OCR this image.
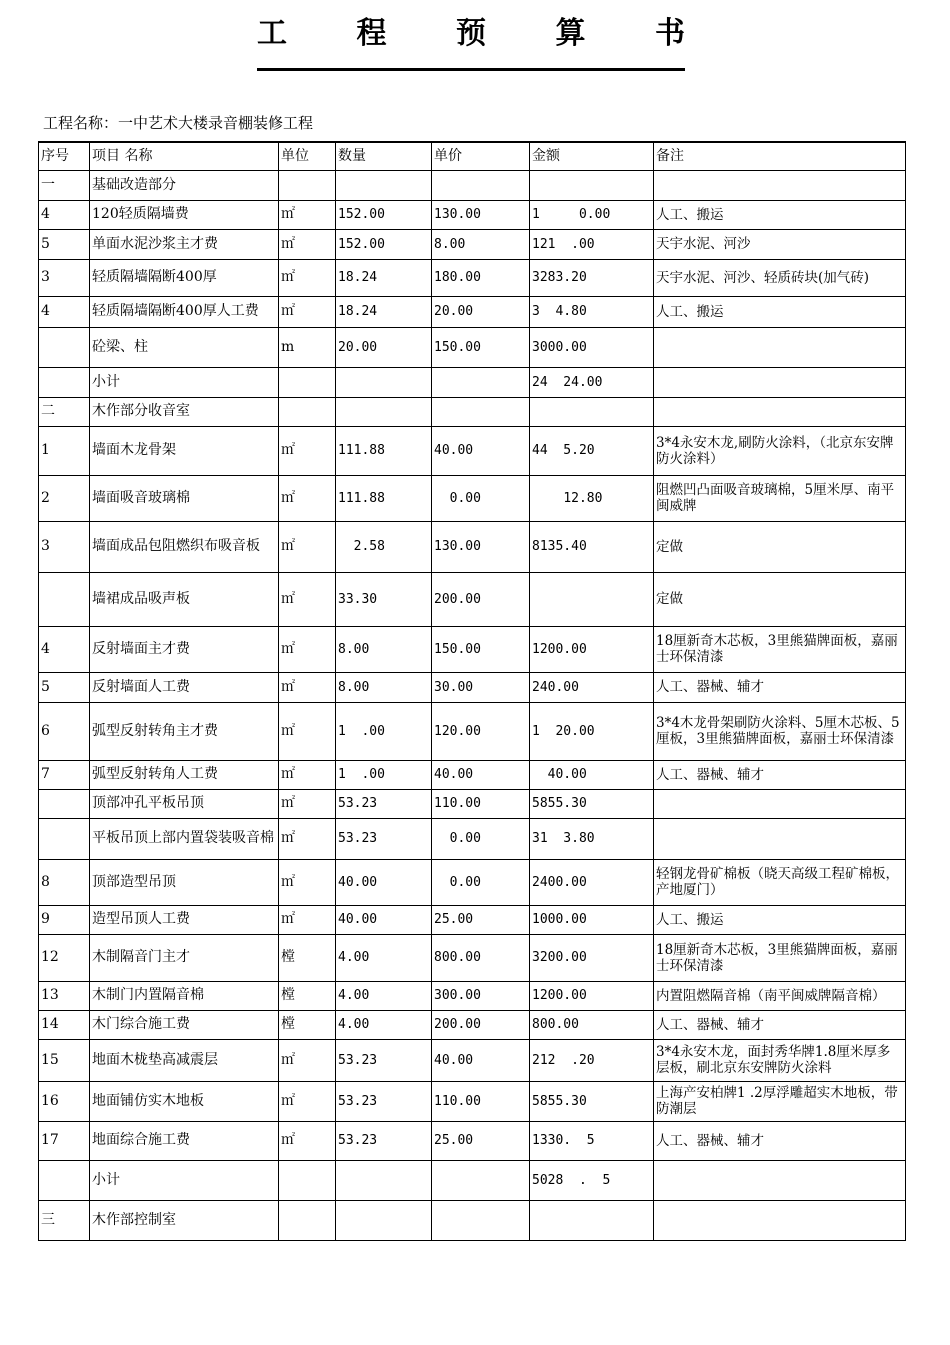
工 程 预 算 书
工程名称：一中艺术大楼录音棚装修工程
序号	项目 名称	单位	数量	单价	金额	备注
一	基础改造部分					
4	120轻质隔墙费	㎡	152.00	130.00	1     0.00	人工、搬运
5	单面水泥沙浆主才费	㎡	152.00	8.00	121  .00	天宇水泥、河沙
3	轻质隔墙隔断400厚	㎡	18.24	180.00	3283.20	天宇水泥、河沙、轻质砖块(加气砖)
4	轻质隔墙隔断400厚人工费	㎡	18.24	20.00	3  4.80	人工、搬运
	砼梁、柱	m	20.00	150.00	3000.00	
	小计				24  24.00	
二	木作部分收音室					
1	墙面木龙骨架	㎡	111.88	40.00	44  5.20	3*4永安木龙,刷防火涂料，（北京东安牌防火涂料）
2	墙面吸音玻璃棉	㎡	111.88	0.00	12.80	阻燃凹凸面吸音玻璃棉，5厘米厚、南平闽威牌
3	墙面成品包阻燃织布吸音板	㎡	2.58	130.00	8135.40	定做
	墙裙成品吸声板	㎡	33.30	200.00		定做
4	反射墙面主才费	㎡	8.00	150.00	1200.00	18厘新奇木芯板，3里熊猫牌面板，嘉丽士环保清漆
5	反射墙面人工费	㎡	8.00	30.00	240.00	人工、器械、辅才
6	弧型反射转角主才费	㎡	1  .00	120.00	1  20.00	3*4木龙骨架刷防火涂料、5厘木芯板、5厘板，3里熊猫牌面板，嘉丽士环保清漆
7	弧型反射转角人工费	㎡	1  .00	40.00	40.00	人工、器械、辅才
	顶部冲孔平板吊顶	㎡	53.23	110.00	5855.30	
	平板吊顶上部内置袋装吸音棉	㎡	53.23	0.00	31  3.80	
8	顶部造型吊顶	㎡	40.00	0.00	2400.00	轻钢龙骨矿棉板（晓天高级工程矿棉板，产地厦门）
9	造型吊顶人工费	㎡	40.00	25.00	1000.00	人工、搬运
12	木制隔音门主才	樘	4.00	800.00	3200.00	18厘新奇木芯板，3里熊猫牌面板，嘉丽士环保清漆
13	木制门内置隔音棉	樘	4.00	300.00	1200.00	内置阻燃隔音棉（南平闽威牌隔音棉）
14	木门综合施工费	樘	4.00	200.00	800.00	人工、器械、辅才
15	地面木栊垫高减震层	㎡	53.23	40.00	212  .20	3*4永安木龙，面封秀华牌1.8厘米厚多层板，刷北京东安牌防火涂料
16	地面铺仿实木地板	㎡	53.23	110.00	5855.30	上海产安柏牌1 .2厚浮雕超实木地板，带防潮层
17	地面综合施工费	㎡	53.23	25.00	1330.  5	人工、器械、辅才
	小计				5028  .  5	
三	木作部控制室					
